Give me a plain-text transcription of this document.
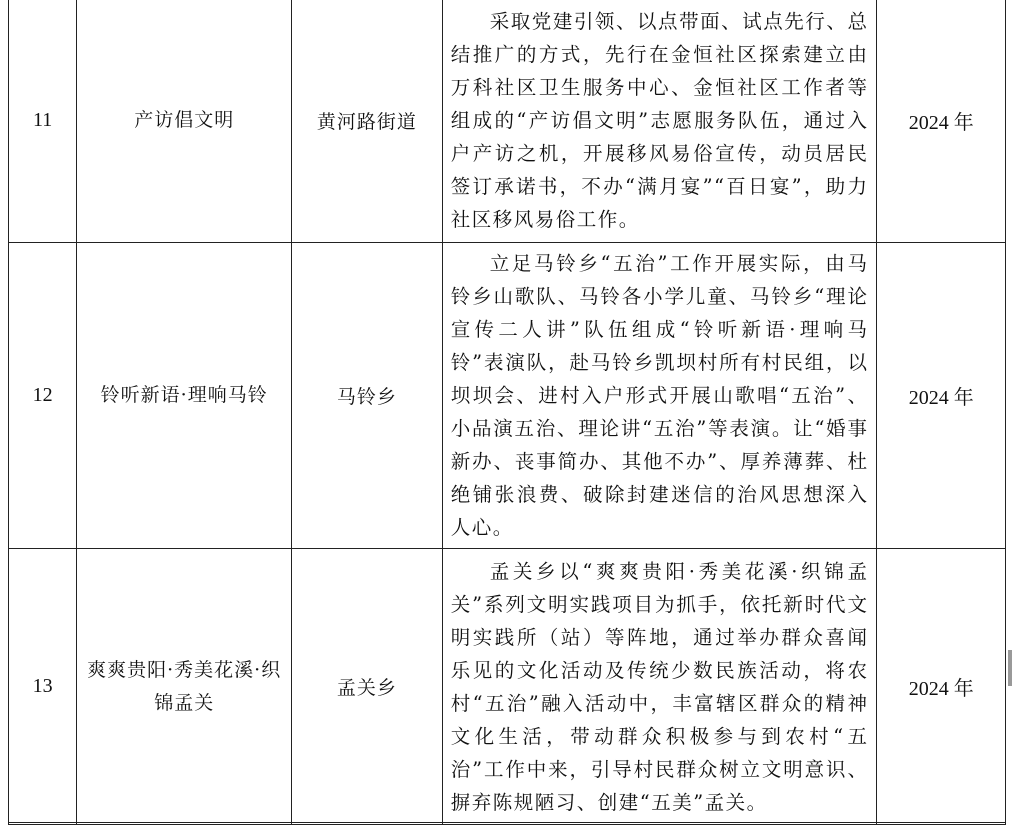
11	产访倡文明	黄河路街道	采取党建引领、以点带面、试点先行、总结推广的方式，先行在金恒社区探索建立由万科社区卫生服务中心、金恒社区工作者等组成的“产访倡文明”志愿服务队伍，通过入户产访之机，开展移风易俗宣传，动员居民签订承诺书，不办“满月宴”“百日宴”，助力社区移风易俗工作。	2024 年
12	铃听新语·理响马铃	马铃乡	立足马铃乡“五治”工作开展实际，由马铃乡山歌队、马铃各小学儿童、马铃乡“理论宣传二人讲”队伍组成“铃听新语·理响马铃”表演队，赴马铃乡凯坝村所有村民组，以坝坝会、进村入户形式开展山歌唱“五治”、小品演五治、理论讲“五治”等表演。让“婚事新办、丧事简办、其他不办”、厚养薄葬、杜绝铺张浪费、破除封建迷信的治风思想深入人心。	2024 年
13	爽爽贵阳·秀美花溪·织锦孟关	孟关乡	孟关乡以“爽爽贵阳·秀美花溪·织锦孟关”系列文明实践项目为抓手，依托新时代文明实践所（站）等阵地，通过举办群众喜闻乐见的文化活动及传统少数民族活动，将农村“五治”融入活动中，丰富辖区群众的精神文化生活，带动群众积极参与到农村“五治”工作中来，引导村民群众树立文明意识、摒弃陈规陋习、创建“五美”孟关。	2024 年
